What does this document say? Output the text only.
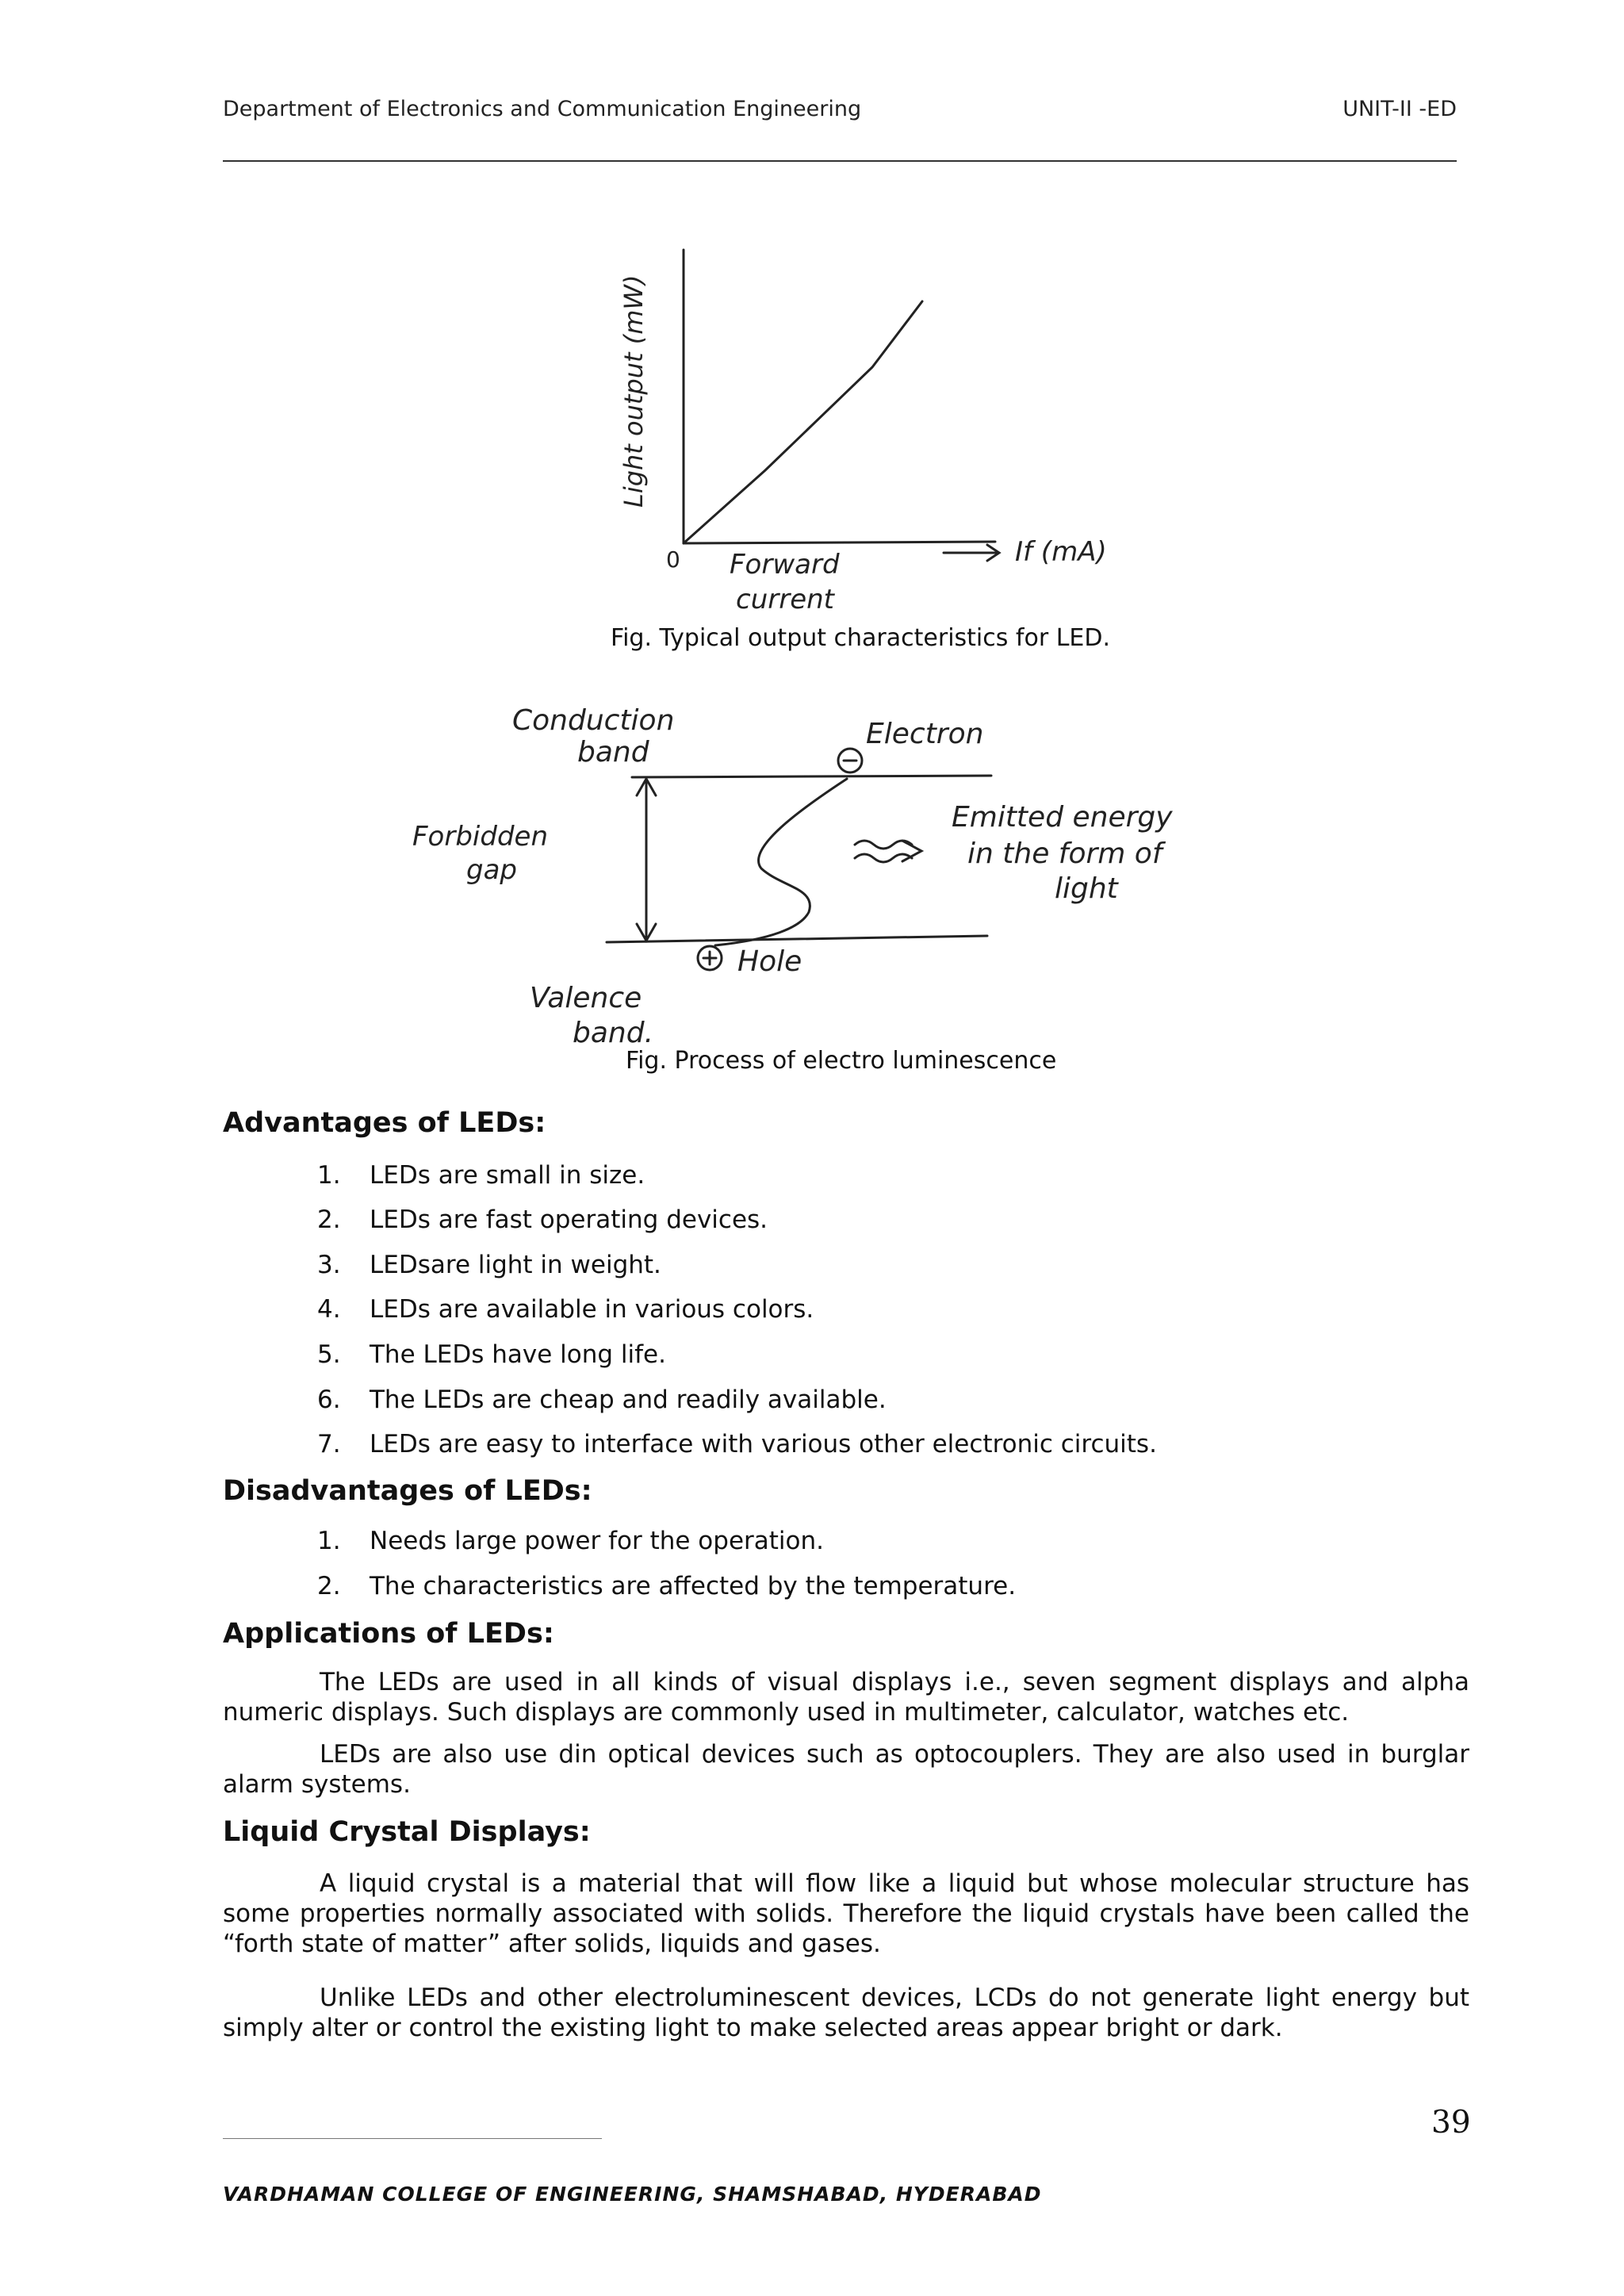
Department of Electronics and Communication Engineering	UNIT-II -ED
Light output (mW)
0 Forward
current
If (mA)
Fig. Typical output characteristics for LED.
Conduction
band
Electron
Forbidden
gap
Emitted energy
in the form of
light
Hole
Valence
band.
Fig. Process of electro luminescence
Advantages of LEDs:
1. LEDs are small in size.
2. LEDs are fast operating devices.
3. LEDsare light in weight.
4. LEDs are available in various colors.
5. The LEDs have long life.
6. The LEDs are cheap and readily available.
7. LEDs are easy to interface with various other electronic circuits.
Disadvantages of LEDs:
1. Needs large power for the operation.
2. The characteristics are affected by the temperature.
Applications of LEDs:
The LEDs are used in all kinds of visual displays i.e., seven segment displays and alpha numeric displays. Such displays are commonly used in multimeter, calculator, watches etc.
LEDs are also use din optical devices such as optocouplers. They are also used in burglar alarm systems.
Liquid Crystal Displays:
A liquid crystal is a material that will flow like a liquid but whose molecular structure has some properties normally associated with solids. Therefore the liquid crystals have been called the “forth state of matter” after solids, liquids and gases.
Unlike LEDs and other electroluminescent devices, LCDs do not generate light energy but simply alter or control the existing light to make selected areas appear bright or dark.
39
VARDHAMAN COLLEGE OF ENGINEERING, SHAMSHABAD, HYDERABAD
